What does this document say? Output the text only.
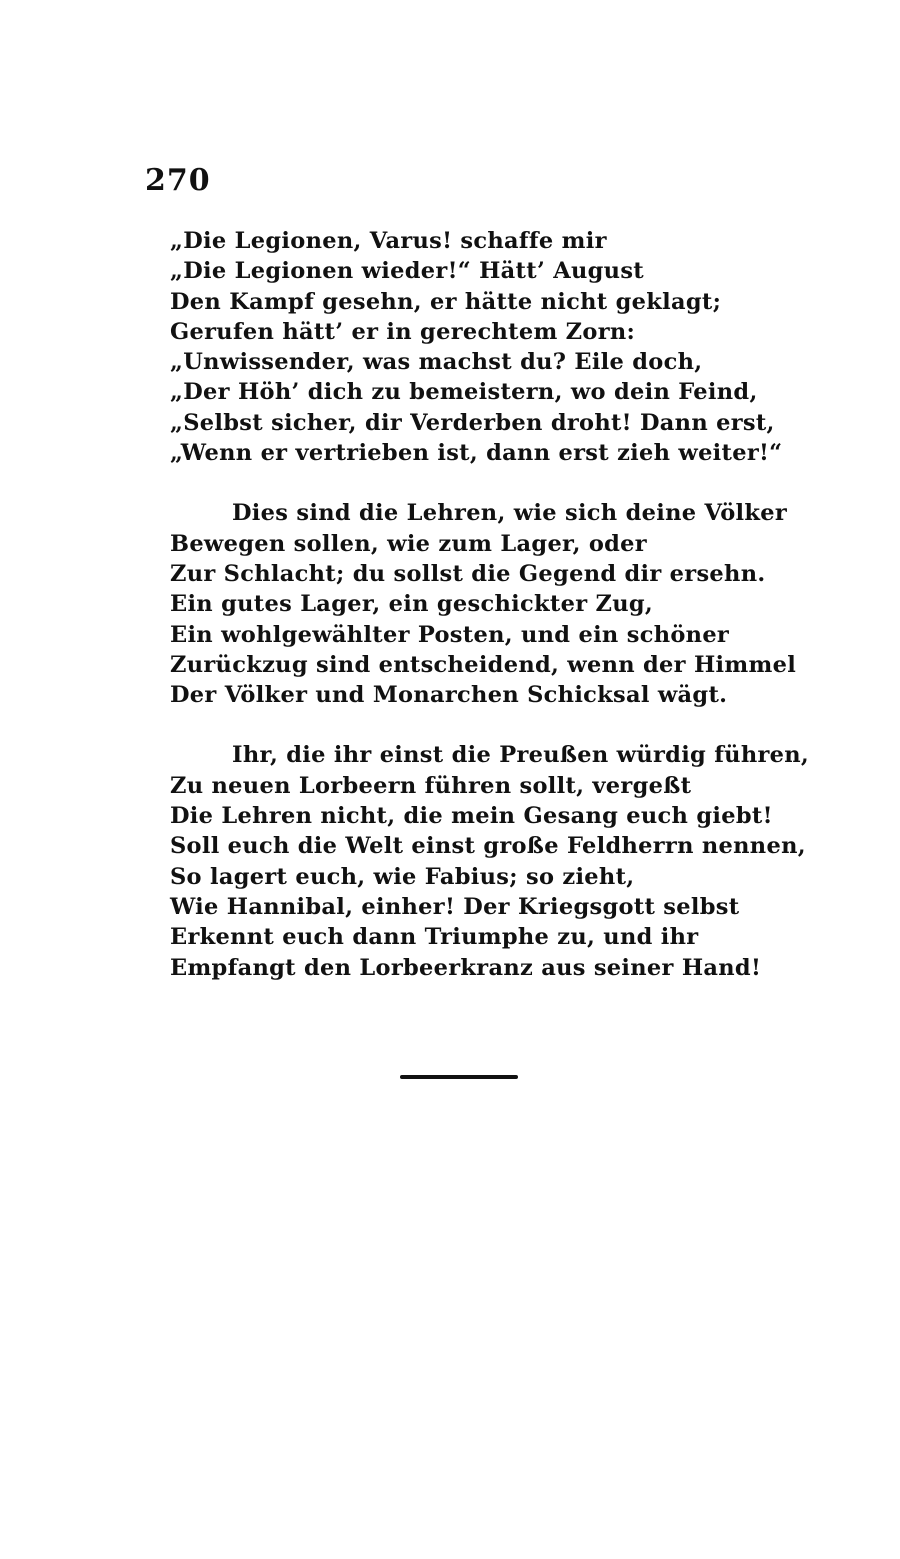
270
„Die Legionen, Varus! schaffe mir
„Die Legionen wieder!“ Hätt’ August
Den Kampf gesehn, er hätte nicht geklagt;
Gerufen hätt’ er in gerechtem Zorn:
„Unwissender, was machst du? Eile doch,
„Der Höh’ dich zu bemeistern, wo dein Feind,
„Selbst sicher, dir Verderben droht! Dann erst,
„Wenn er vertrieben ist, dann erst zieh weiter!“
Dies sind die Lehren, wie sich deine Völker
Bewegen sollen, wie zum Lager, oder
Zur Schlacht; du sollst die Gegend dir ersehn.
Ein gutes Lager, ein geschickter Zug,
Ein wohlgewählter Posten, und ein schöner
Zurückzug sind entscheidend, wenn der Himmel
Der Völker und Monarchen Schicksal wägt.
Ihr, die ihr einst die Preußen würdig führen,
Zu neuen Lorbeern führen sollt, vergeßt
Die Lehren nicht, die mein Gesang euch giebt!
Soll euch die Welt einst große Feldherrn nennen,
So lagert euch, wie Fabius; so zieht,
Wie Hannibal, einher! Der Kriegsgott selbst
Erkennt euch dann Triumphe zu, und ihr
Empfangt den Lorbeerkranz aus seiner Hand!
